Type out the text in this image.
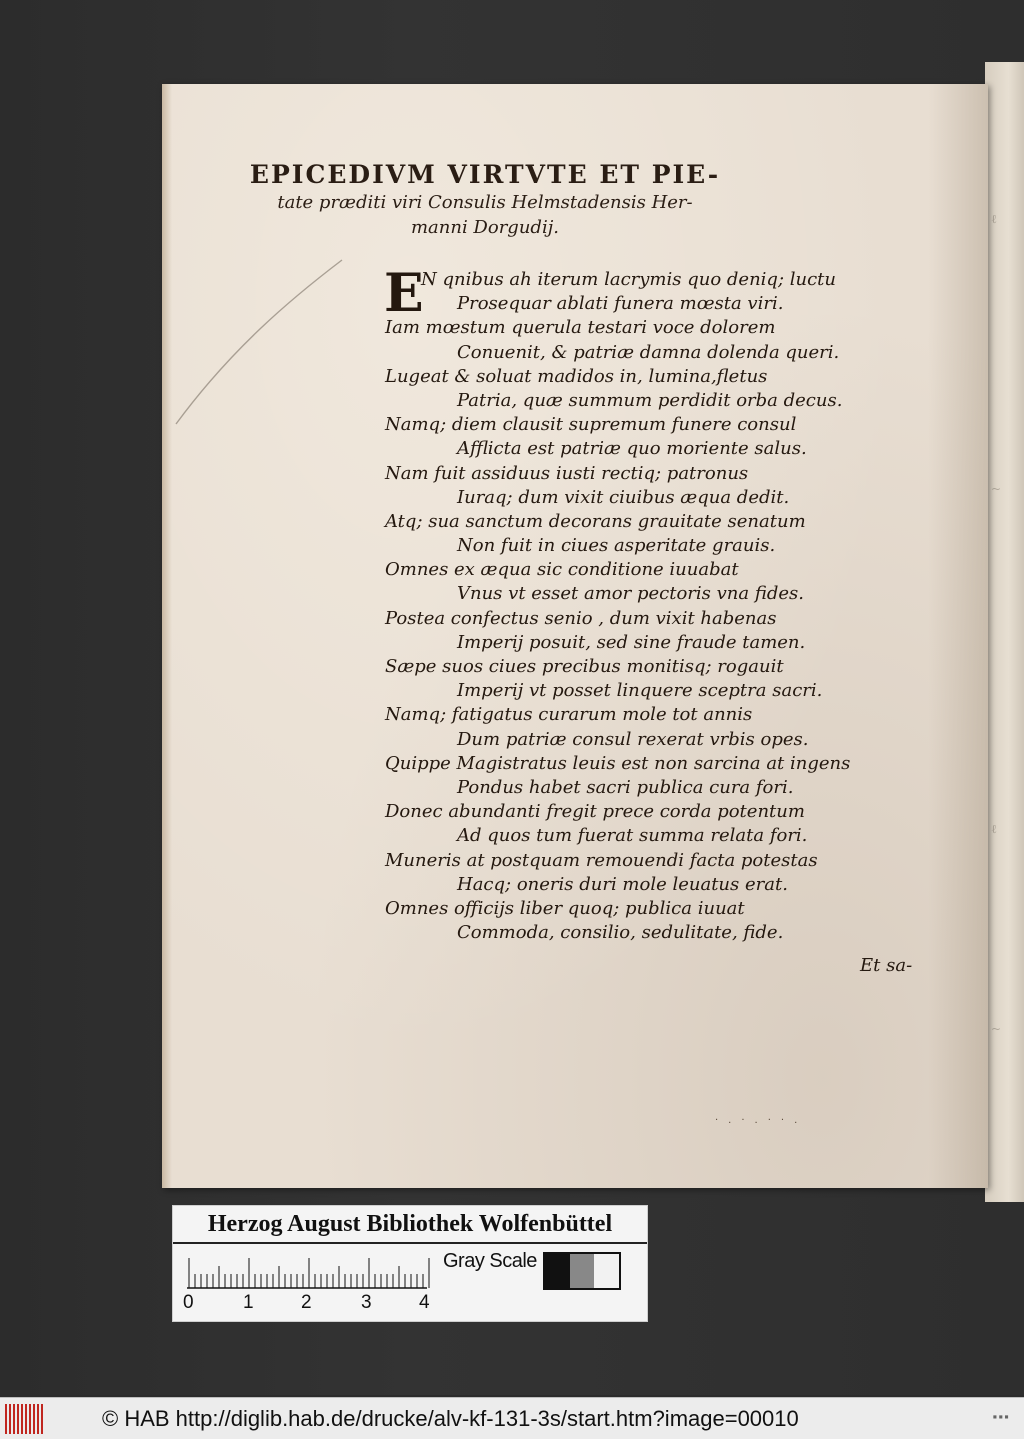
ℓ
~
ℓ
~
EPICEDIVM VIRTVTE ET PIE-
tate præditi viri Consulis Helmstadensis Her-
manni Dorgudij.
E
N qnibus ah iterum lacrymis quo deniq; luctu
Prosequar ablati funera mœsta viri.
Iam mœstum querula testari voce dolorem
Conuenit, & patriæ damna dolenda queri.
Lugeat & soluat madidos in, lumina,fletus
Patria, quæ summum perdidit orba decus.
Namq; diem clausit supremum funere consul
Afflicta est patriæ quo moriente salus.
Nam fuit assiduus iusti rectiq; patronus
Iuraq; dum vixit ciuibus æqua dedit.
Atq; sua sanctum decorans grauitate senatum
Non fuit in ciues asperitate grauis.
Omnes ex æqua sic conditione iuuabat
Vnus vt esset amor pectoris vna fides.
Postea confectus senio , dum vixit habenas
Imperij posuit, sed sine fraude tamen.
Sæpe suos ciues precibus monitisq; rogauit
Imperij vt posset linquere sceptra sacri.
Namq; fatigatus curarum mole tot annis
Dum patriæ consul rexerat vrbis opes.
Quippe Magistratus leuis est non sarcina at ingens
Pondus habet sacri publica cura fori.
Donec abundanti fregit prece corda potentum
Ad quos tum fuerat summa relata fori.
Muneris at postquam remouendi facta potestas
Hacq; oneris duri mole leuatus erat.
Omnes officijs liber quoq; publica iuuat
Commoda, consilio, sedulitate, fide.
Et sa-
·.·.··.
Herzog August Bibliothek Wolfenbüttel
0	1 2	3 4
Gray Scale
© HAB http://diglib.hab.de/drucke/alv-kf-131-3s/start.htm?image=00010	▪▪▪
